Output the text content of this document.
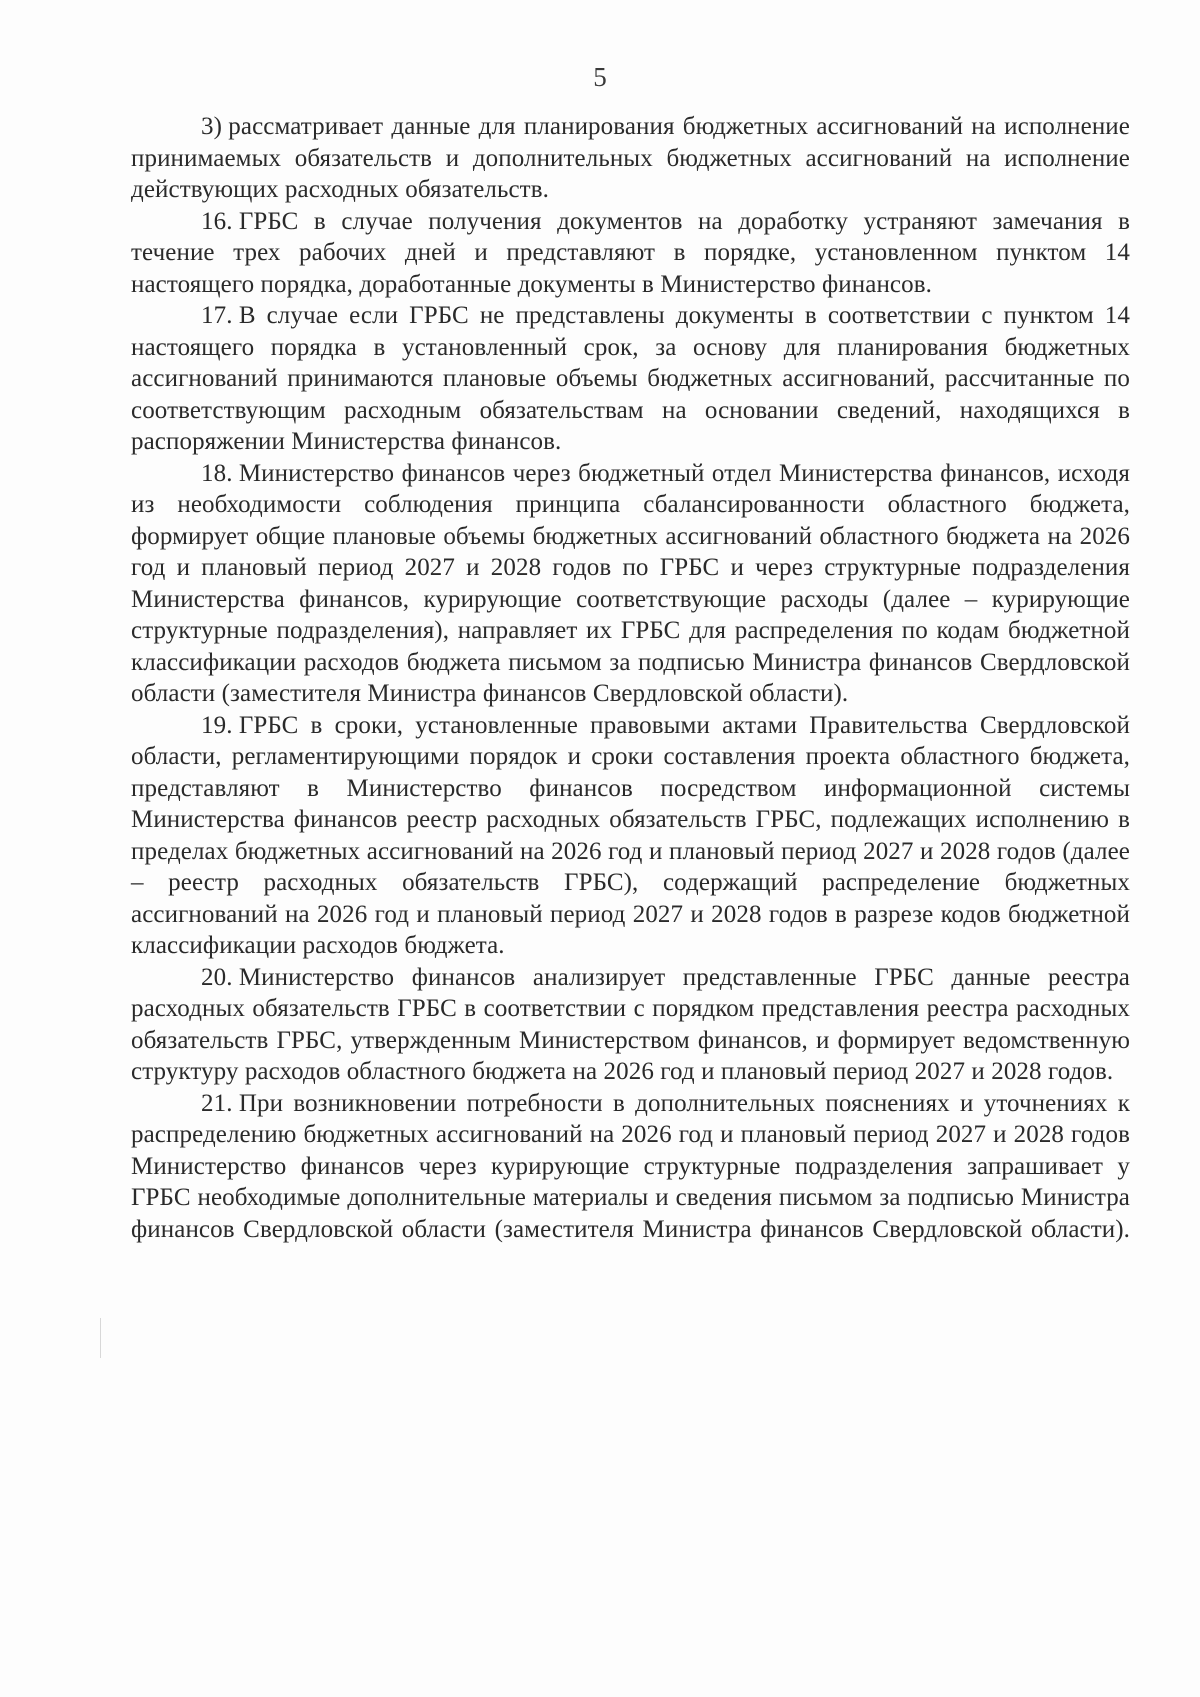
5

3) рассматривает данные для планирования бюджетных ассигнований на исполнение принимаемых обязательств и дополнительных бюджетных ассигнований на исполнение действующих расходных обязательств.

16. ГРБС в случае получения документов на доработку устраняют замечания в течение трех рабочих дней и представляют в порядке, установленном пунктом 14 настоящего порядка, доработанные документы в Министерство финансов.

17. В случае если ГРБС не представлены документы в соответствии с пунктом 14 настоящего порядка в установленный срок, за основу для планирования бюджетных ассигнований принимаются плановые объемы бюджетных ассигнований, рассчитанные по соответствующим расходным обязательствам на основании сведений, находящихся в распоряжении Министерства финансов.

18. Министерство финансов через бюджетный отдел Министерства финансов, исходя из необходимости соблюдения принципа сбалансированности областного бюджета, формирует общие плановые объемы бюджетных ассигнований областного бюджета на 2026 год и плановый период 2027 и 2028 годов по ГРБС и через структурные подразделения Министерства финансов, курирующие соответствующие расходы (далее – курирующие структурные подразделения), направляет их ГРБС для распределения по кодам бюджетной классификации расходов бюджета письмом за подписью Министра финансов Свердловской области (заместителя Министра финансов Свердловской области).

19. ГРБС в сроки, установленные правовыми актами Правительства Свердловской области, регламентирующими порядок и сроки составления проекта областного бюджета, представляют в Министерство финансов посредством информационной системы Министерства финансов реестр расходных обязательств ГРБС, подлежащих исполнению в пределах бюджетных ассигнований на 2026 год и плановый период 2027 и 2028 годов (далее – реестр расходных обязательств ГРБС), содержащий распределение бюджетных ассигнований на 2026 год и плановый период 2027 и 2028 годов в разрезе кодов бюджетной классификации расходов бюджета.

20. Министерство финансов анализирует представленные ГРБС данные реестра расходных обязательств ГРБС в соответствии с порядком представления реестра расходных обязательств ГРБС, утвержденным Министерством финансов, и формирует ведомственную структуру расходов областного бюджета на 2026 год и плановый период 2027 и 2028 годов.

21. При возникновении потребности в дополнительных пояснениях и уточнениях к распределению бюджетных ассигнований на 2026 год и плановый период 2027 и 2028 годов Министерство финансов через курирующие структурные подразделения запрашивает у ГРБС необходимые дополнительные материалы и сведения письмом за подписью Министра финансов Свердловской области (заместителя Министра финансов Свердловской области).
